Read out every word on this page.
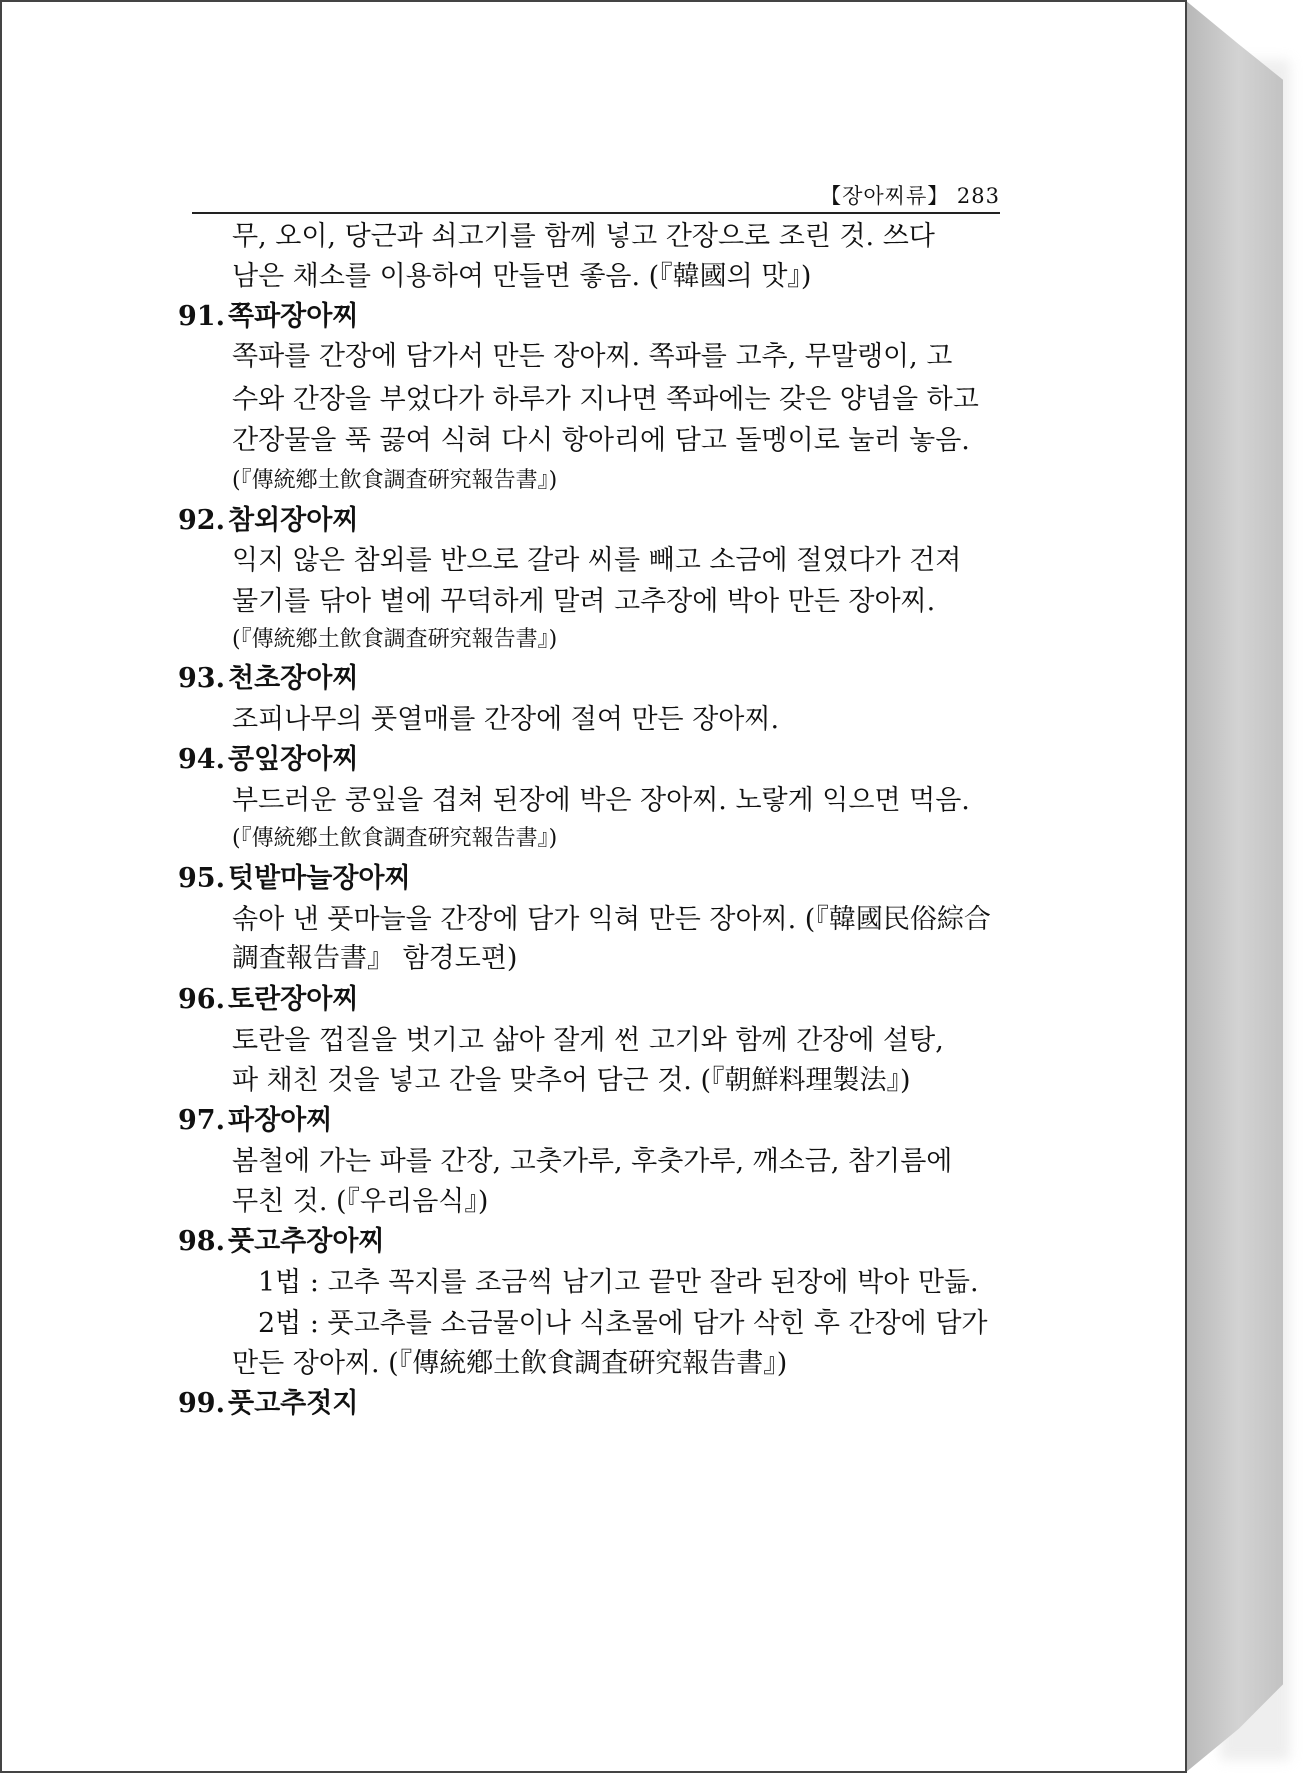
【장아찌류】 283
무, 오이, 당근과 쇠고기를 함께 넣고 간장으로 조린 것. 쓰다
남은 채소를 이용하여 만들면 좋음. (『韓國의 맛』)
91. 쪽파장아찌
쪽파를 간장에 담가서 만든 장아찌. 쪽파를 고추, 무말랭이, 고
수와 간장을 부었다가 하루가 지나면 쪽파에는 갖은 양념을 하고
간장물을 푹 끓여 식혀 다시 항아리에 담고 돌멩이로 눌러 놓음.
(『傳統鄕土飮食調査硏究報告書』)
92. 참외장아찌
익지 않은 참외를 반으로 갈라 씨를 빼고 소금에 절였다가 건져
물기를 닦아 볕에 꾸덕하게 말려 고추장에 박아 만든 장아찌.
(『傳統鄕土飮食調査硏究報告書』)
93. 천초장아찌
조피나무의 풋열매를 간장에 절여 만든 장아찌.
94. 콩잎장아찌
부드러운 콩잎을 겹쳐 된장에 박은 장아찌. 노랗게 익으면 먹음.
(『傳統鄕土飮食調査硏究報告書』)
95. 텃밭마늘장아찌
솎아 낸 풋마늘을 간장에 담가 익혀 만든 장아찌. (『韓國民俗綜合
調査報告書』 함경도편)
96. 토란장아찌
토란을 껍질을 벗기고 삶아 잘게 썬 고기와 함께 간장에 설탕,
파 채친 것을 넣고 간을 맞추어 담근 것. (『朝鮮料理製法』)
97. 파장아찌
봄철에 가는 파를 간장, 고춧가루, 후춧가루, 깨소금, 참기름에
무친 것. (『우리음식』)
98. 풋고추장아찌
1법 : 고추 꼭지를 조금씩 남기고 끝만 잘라 된장에 박아 만듦.
2법 : 풋고추를 소금물이나 식초물에 담가 삭힌 후 간장에 담가
만든 장아찌. (『傳統鄕土飮食調査硏究報告書』)
99. 풋고추젓지
